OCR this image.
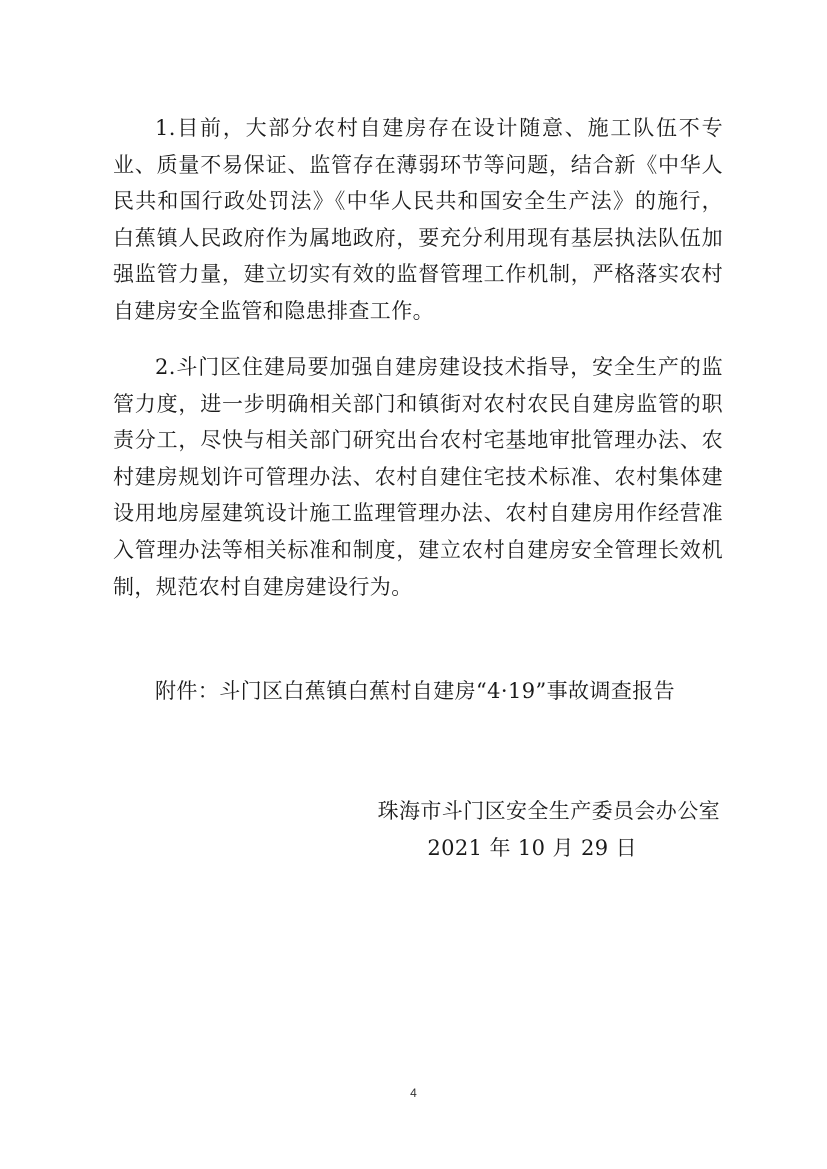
1.目前，大部分农村自建房存在设计随意、施工队伍不专业、质量不易保证、监管存在薄弱环节等问题，结合新《中华人民共和国行政处罚法》《中华人民共和国安全生产法》的施行，白蕉镇人民政府作为属地政府，要充分利用现有基层执法队伍加强监管力量，建立切实有效的监督管理工作机制，严格落实农村自建房安全监管和隐患排查工作。

2.斗门区住建局要加强自建房建设技术指导，安全生产的监管力度，进一步明确相关部门和镇街对农村农民自建房监管的职责分工，尽快与相关部门研究出台农村宅基地审批管理办法、农村建房规划许可管理办法、农村自建住宅技术标准、农村集体建设用地房屋建筑设计施工监理管理办法、农村自建房用作经营准入管理办法等相关标准和制度，建立农村自建房安全管理长效机制，规范农村自建房建设行为。

附件： 斗门区白蕉镇白蕉村自建房“4·19”事故调查报告

珠海市斗门区安全生产委员会办公室

2021 年 10 月 29 日

4
